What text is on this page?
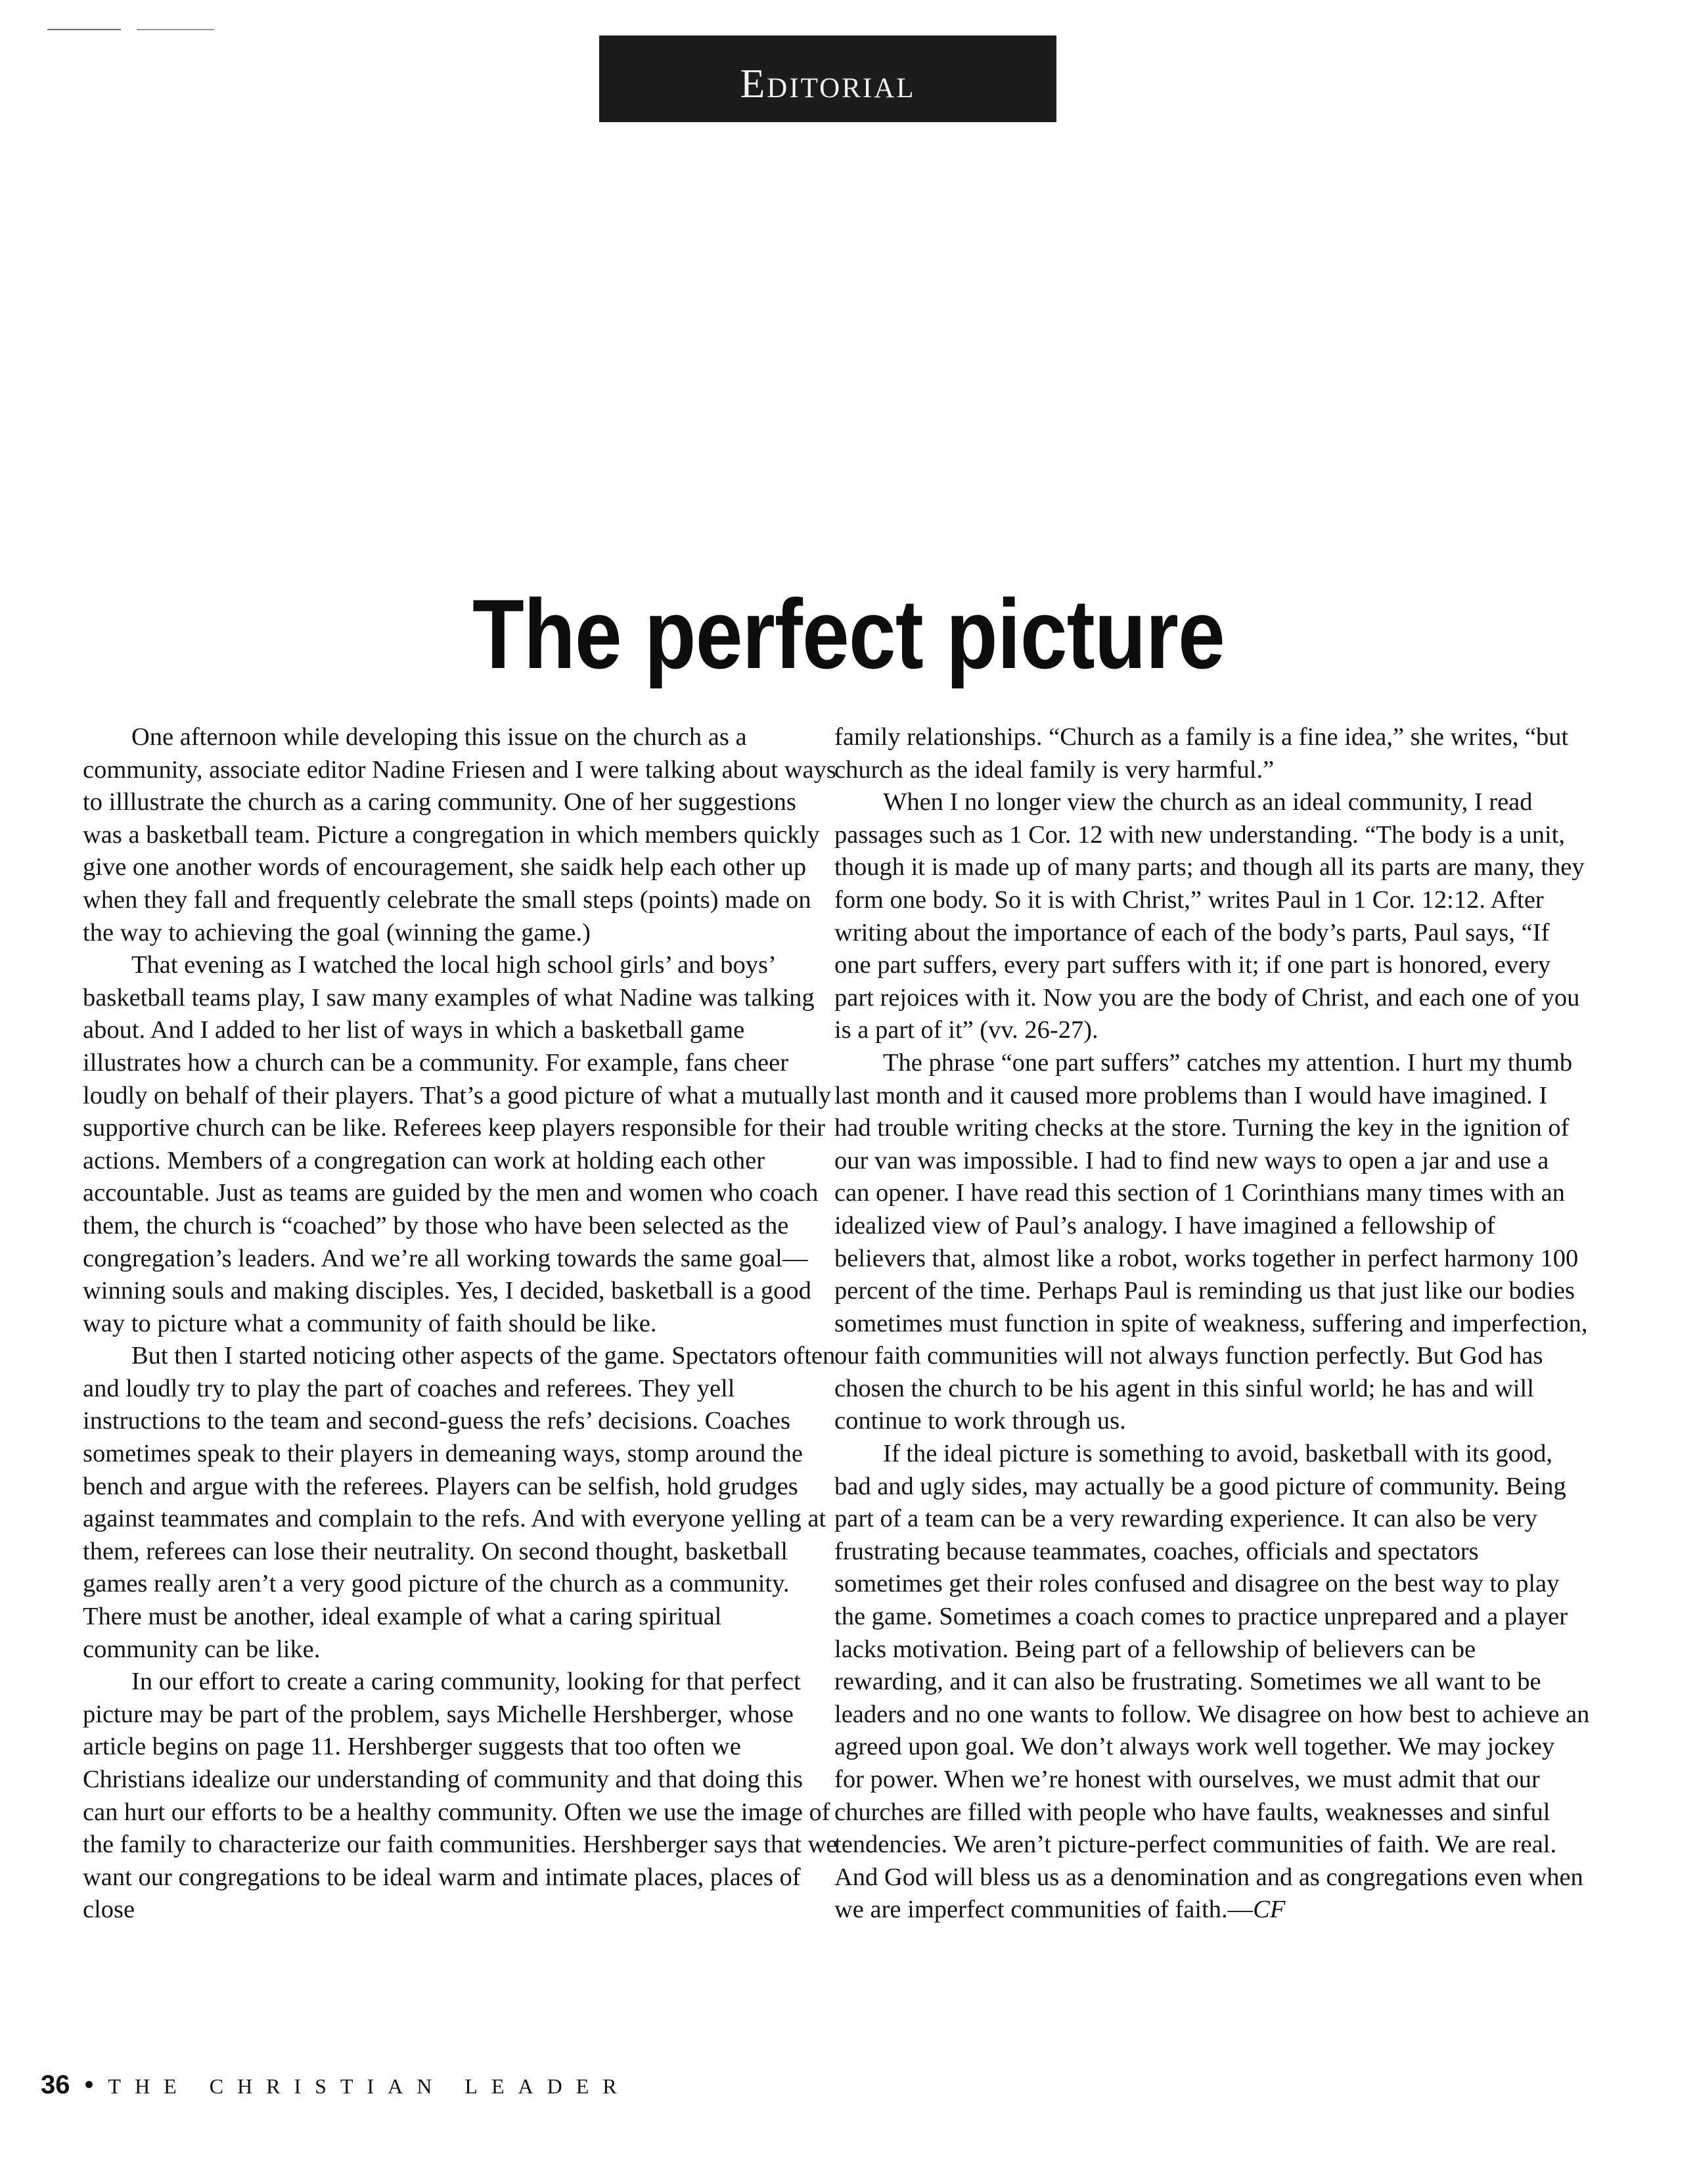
Editorial
The perfect picture

One afternoon while developing this issue on the church as a community, associate editor Nadine Friesen and I were talking about ways to illlustrate the church as a caring community. One of her suggestions was a basketball team. Picture a congregation in which members quickly give one another words of encouragement, she saidk help each other up when they fall and frequently celebrate the small steps (points) made on the way to achieving the goal (winning the game.)

That evening as I watched the local high school girls’ and boys’ basketball teams play, I saw many examples of what Nadine was talking about. And I added to her list of ways in which a basketball game illustrates how a church can be a community. For example, fans cheer loudly on behalf of their players. That’s a good picture of what a mutually supportive church can be like. Referees keep players responsible for their actions. Members of a congregation can work at holding each other accountable. Just as teams are guided by the men and women who coach them, the church is “coached” by those who have been selected as the congregation’s leaders. And we’re all working towards the same goal—winning souls and making disciples. Yes, I decided, basketball is a good way to picture what a community of faith should be like.

But then I started noticing other aspects of the game. Spectators often and loudly try to play the part of coaches and referees. They yell instructions to the team and second-guess the refs’ decisions. Coaches sometimes speak to their players in demeaning ways, stomp around the bench and argue with the referees. Players can be selfish, hold grudges against teammates and complain to the refs. And with everyone yelling at them, referees can lose their neutrality. On second thought, basketball games really aren’t a very good picture of the church as a community. There must be another, ideal example of what a caring spiritual community can be like.

In our effort to create a caring community, looking for that perfect picture may be part of the problem, says Michelle Hershberger, whose article begins on page 11. Hershberger suggests that too often we Christians idealize our understanding of community and that doing this can hurt our efforts to be a healthy community. Often we use the image of the family to characterize our faith communities. Hershberger says that we want our congregations to be ideal warm and intimate places, places of close

family relationships. “Church as a family is a fine idea,” she writes, “but church as the ideal family is very harmful.”

When I no longer view the church as an ideal community, I read passages such as 1 Cor. 12 with new understanding. “The body is a unit, though it is made up of many parts; and though all its parts are many, they form one body. So it is with Christ,” writes Paul in 1 Cor. 12:12. After writing about the importance of each of the body’s parts, Paul says, “If one part suffers, every part suffers with it; if one part is honored, every part rejoices with it. Now you are the body of Christ, and each one of you is a part of it” (vv. 26-27).

The phrase “one part suffers” catches my attention. I hurt my thumb last month and it caused more problems than I would have imagined. I had trouble writing checks at the store. Turning the key in the ignition of our van was impossible. I had to find new ways to open a jar and use a can opener. I have read this section of 1 Corinthians many times with an idealized view of Paul’s analogy. I have imagined a fellowship of believers that, almost like a robot, works together in perfect harmony 100 percent of the time. Perhaps Paul is reminding us that just like our bodies sometimes must function in spite of weakness, suffering and imperfection, our faith communities will not always function perfectly. But God has chosen the church to be his agent in this sinful world; he has and will continue to work through us.

If the ideal picture is something to avoid, basketball with its good, bad and ugly sides, may actually be a good picture of community. Being part of a team can be a very rewarding experience. It can also be very frustrating because teammates, coaches, officials and spectators sometimes get their roles confused and disagree on the best way to play the game. Sometimes a coach comes to practice unprepared and a player lacks motivation. Being part of a fellowship of believers can be rewarding, and it can also be frustrating. Sometimes we all want to be leaders and no one wants to follow. We disagree on how best to achieve an agreed upon goal. We don’t always work well together. We may jockey for power. When we’re honest with ourselves, we must admit that our churches are filled with people who have faults, weaknesses and sinful tendencies. We aren’t picture-perfect communities of faith. We are real. And God will bless us as a denomination and as congregations even when we are imperfect communities of faith.—CF

36 • THE CHRISTIAN LEADER
